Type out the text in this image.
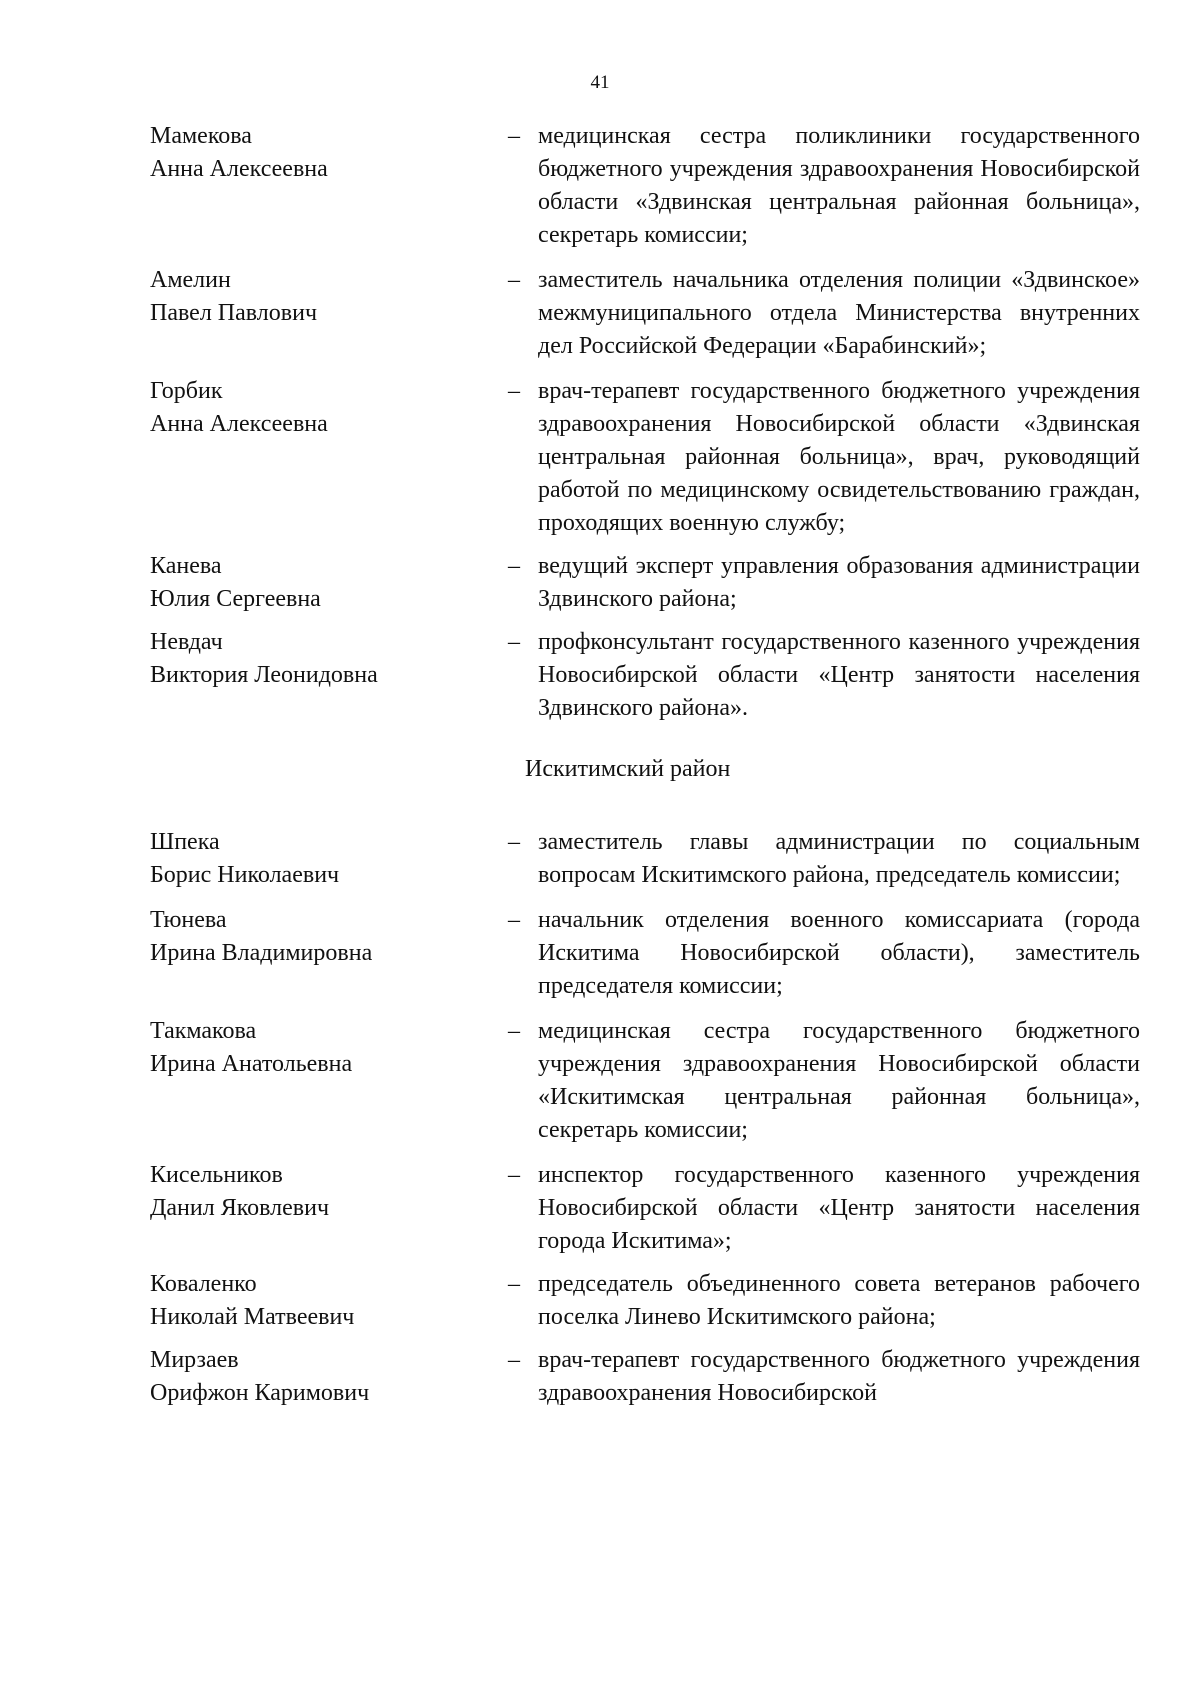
41
Мамекова
Анна Алексеевна
– медицинская сестра поликлиники государственного бюджетного учреждения здравоохранения Новосибирской области «Здвинская центральная районная больница», секретарь комиссии;
Амелин
Павел Павлович
– заместитель начальника отделения полиции «Здвинское» межмуниципального отдела Министерства внутренних дел Российской Федерации «Барабинский»;
Горбик
Анна Алексеевна
– врач-терапевт государственного бюджетного учреждения здравоохранения Новосибирской области «Здвинская центральная районная больница», врач, руководящий работой по медицинскому освидетельствованию граждан, проходящих военную службу;
Канева
Юлия Сергеевна
– ведущий эксперт управления образования администрации Здвинского района;
Невдач
Виктория Леонидовна
– профконсультант государственного казенного учреждения Новосибирской области «Центр занятости населения Здвинского района».
Искитимский район
Шпека
Борис Николаевич
– заместитель главы администрации по социальным вопросам Искитимского района, председатель комиссии;
Тюнева
Ирина Владимировна
– начальник отделения военного комиссариата (города Искитима Новосибирской области), заместитель председателя комиссии;
Такмакова
Ирина Анатольевна
– медицинская сестра государственного бюджетного учреждения здравоохранения Новосибирской области «Искитимская центральная районная больница», секретарь комиссии;
Кисельников
Данил Яковлевич
– инспектор государственного казенного учреждения Новосибирской области «Центр занятости населения города Искитима»;
Коваленко
Николай Матвеевич
– председатель объединенного совета ветеранов рабочего поселка Линево Искитимского района;
Мирзаев
Орифжон Каримович
– врач-терапевт государственного бюджетного учреждения здравоохранения Новосибирской
